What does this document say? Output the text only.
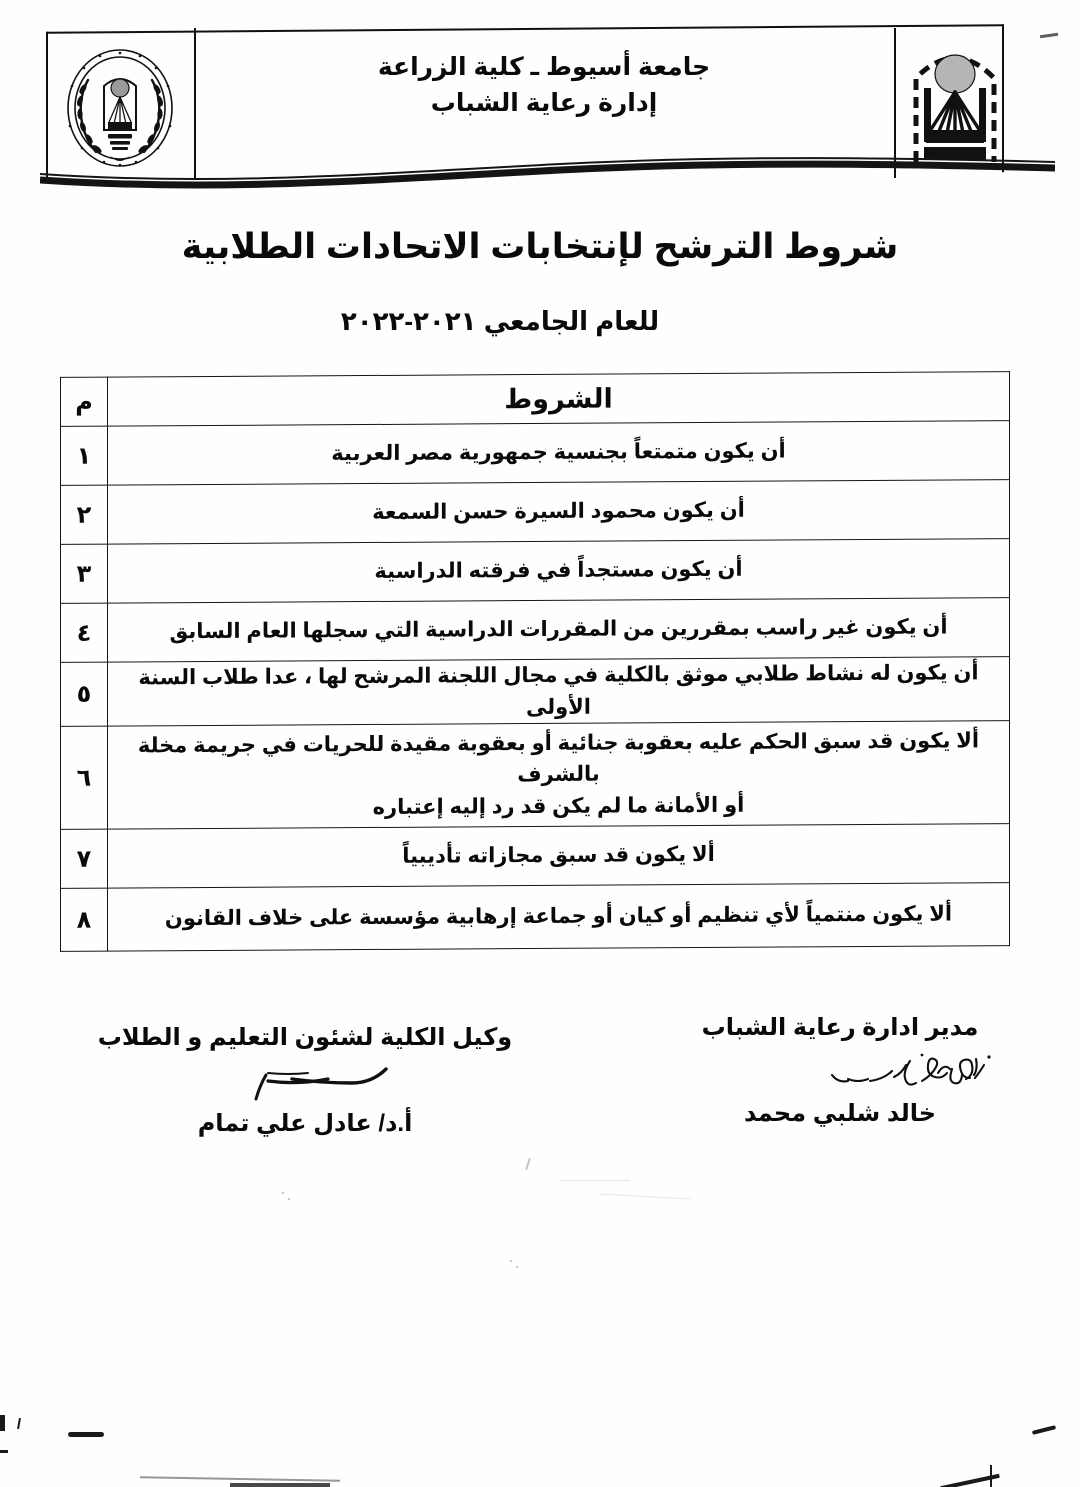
جامعة أسيوط ـ كلية الزراعة
إدارة رعاية الشباب
شروط الترشح لإنتخابات الاتحادات الطلابية
للعام الجامعي ٢٠٢١-٢٠٢٢
الشروط	م
أن يكون متمتعاً بجنسية جمهورية مصر العربية	١
أن يكون محمود السيرة حسن السمعة	٢
أن يكون مستجداً في فرقته الدراسية	٣
أن يكون غير راسب بمقررين من المقررات الدراسية التي سجلها العام السابق	٤
أن يكون له نشاط طلابي موثق بالكلية في مجال اللجنة المرشح لها ، عدا طلاب السنة الأولى	٥
ألا يكون قد سبق الحكم عليه بعقوبة جنائية أو بعقوبة مقيدة للحريات في جريمة مخلة بالشرف
أو الأمانة ما لم يكن قد رد إليه إعتباره	٦
ألا يكون قد سبق مجازاته تأديبياً	٧
ألا يكون منتمياً لأي تنظيم أو كيان أو جماعة إرهابية مؤسسة على خلاف القانون	٨
مدير ادارة رعاية الشباب
خالد شلبي محمد
وكيل الكلية لشئون التعليم و الطلاب
أ.د/ عادل علي تمام
